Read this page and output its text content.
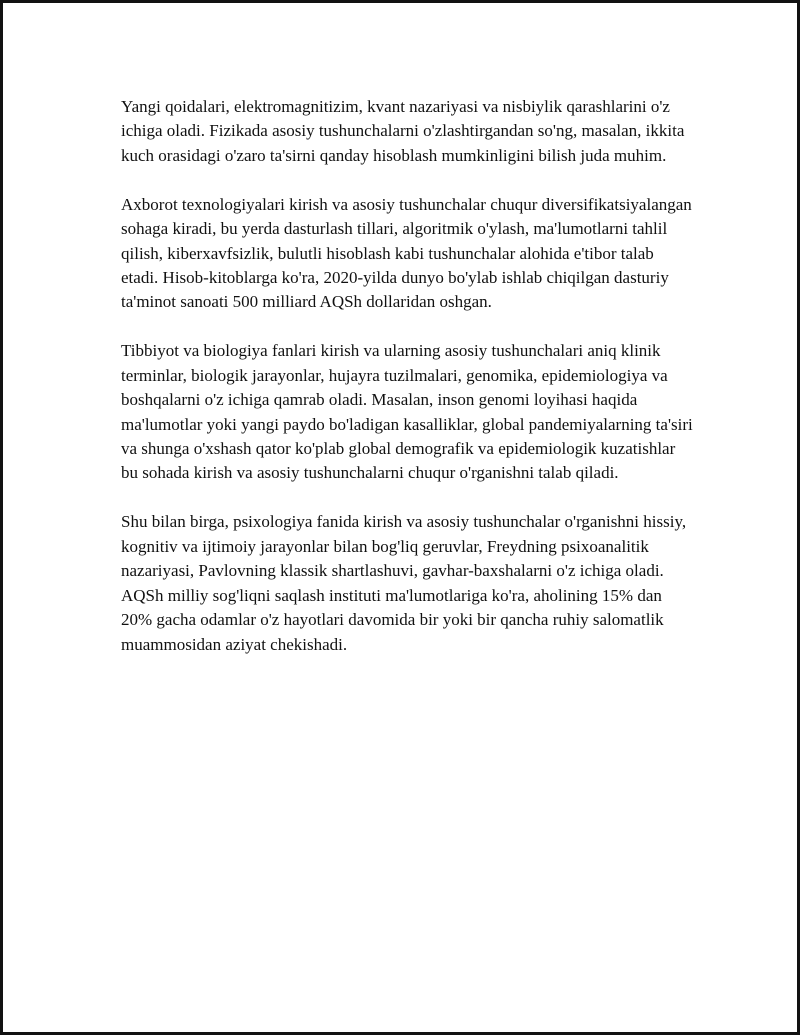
Yangi qoidalari, elektromagnitizim, kvant nazariyasi va nisbiylik qarashlarini o'z ichiga oladi. Fizikada asosiy tushunchalarni o'zlashtirgandan so'ng, masalan, ikkita kuch orasidagi o'zaro ta'sirni qanday hisoblash mumkinligini bilish juda muhim.

Axborot texnologiyalari kirish va asosiy tushunchalar chuqur diversifikatsiyalangan sohaga kiradi, bu yerda dasturlash tillari, algoritmik o'ylash, ma'lumotlarni tahlil qilish, kiberxavfsizlik, bulutli hisoblash kabi tushunchalar alohida e'tibor talab etadi. Hisob-kitoblarga ko'ra, 2020-yilda dunyo bo'ylab ishlab chiqilgan dasturiy ta'minot sanoati 500 milliard AQSh dollaridan oshgan.

Tibbiyot va biologiya fanlari kirish va ularning asosiy tushunchalari aniq klinik terminlar, biologik jarayonlar, hujayra tuzilmalari, genomika, epidemiologiya va boshqalarni o'z ichiga qamrab oladi. Masalan, inson genomi loyihasi haqida ma'lumotlar yoki yangi paydo bo'ladigan kasalliklar, global pandemiyalarning ta'siri va shunga o'xshash qator ko'plab global demografik va epidemiologik kuzatishlar bu sohada kirish va asosiy tushunchalarni chuqur o'rganishni talab qiladi.

Shu bilan birga, psixologiya fanida kirish va asosiy tushunchalar o'rganishni hissiy, kognitiv va ijtimoiy jarayonlar bilan bog'liq geruvlar, Freydning psixoanalitik nazariyasi, Pavlovning klassik shartlashuvi, gavhar-baxshalarni o'z ichiga oladi. AQSh milliy sog'liqni saqlash instituti ma'lumotlariga ko'ra, aholining 15% dan 20% gacha odamlar o'z hayotlari davomida bir yoki bir qancha ruhiy salomatlik muammosidan aziyat chekishadi.
